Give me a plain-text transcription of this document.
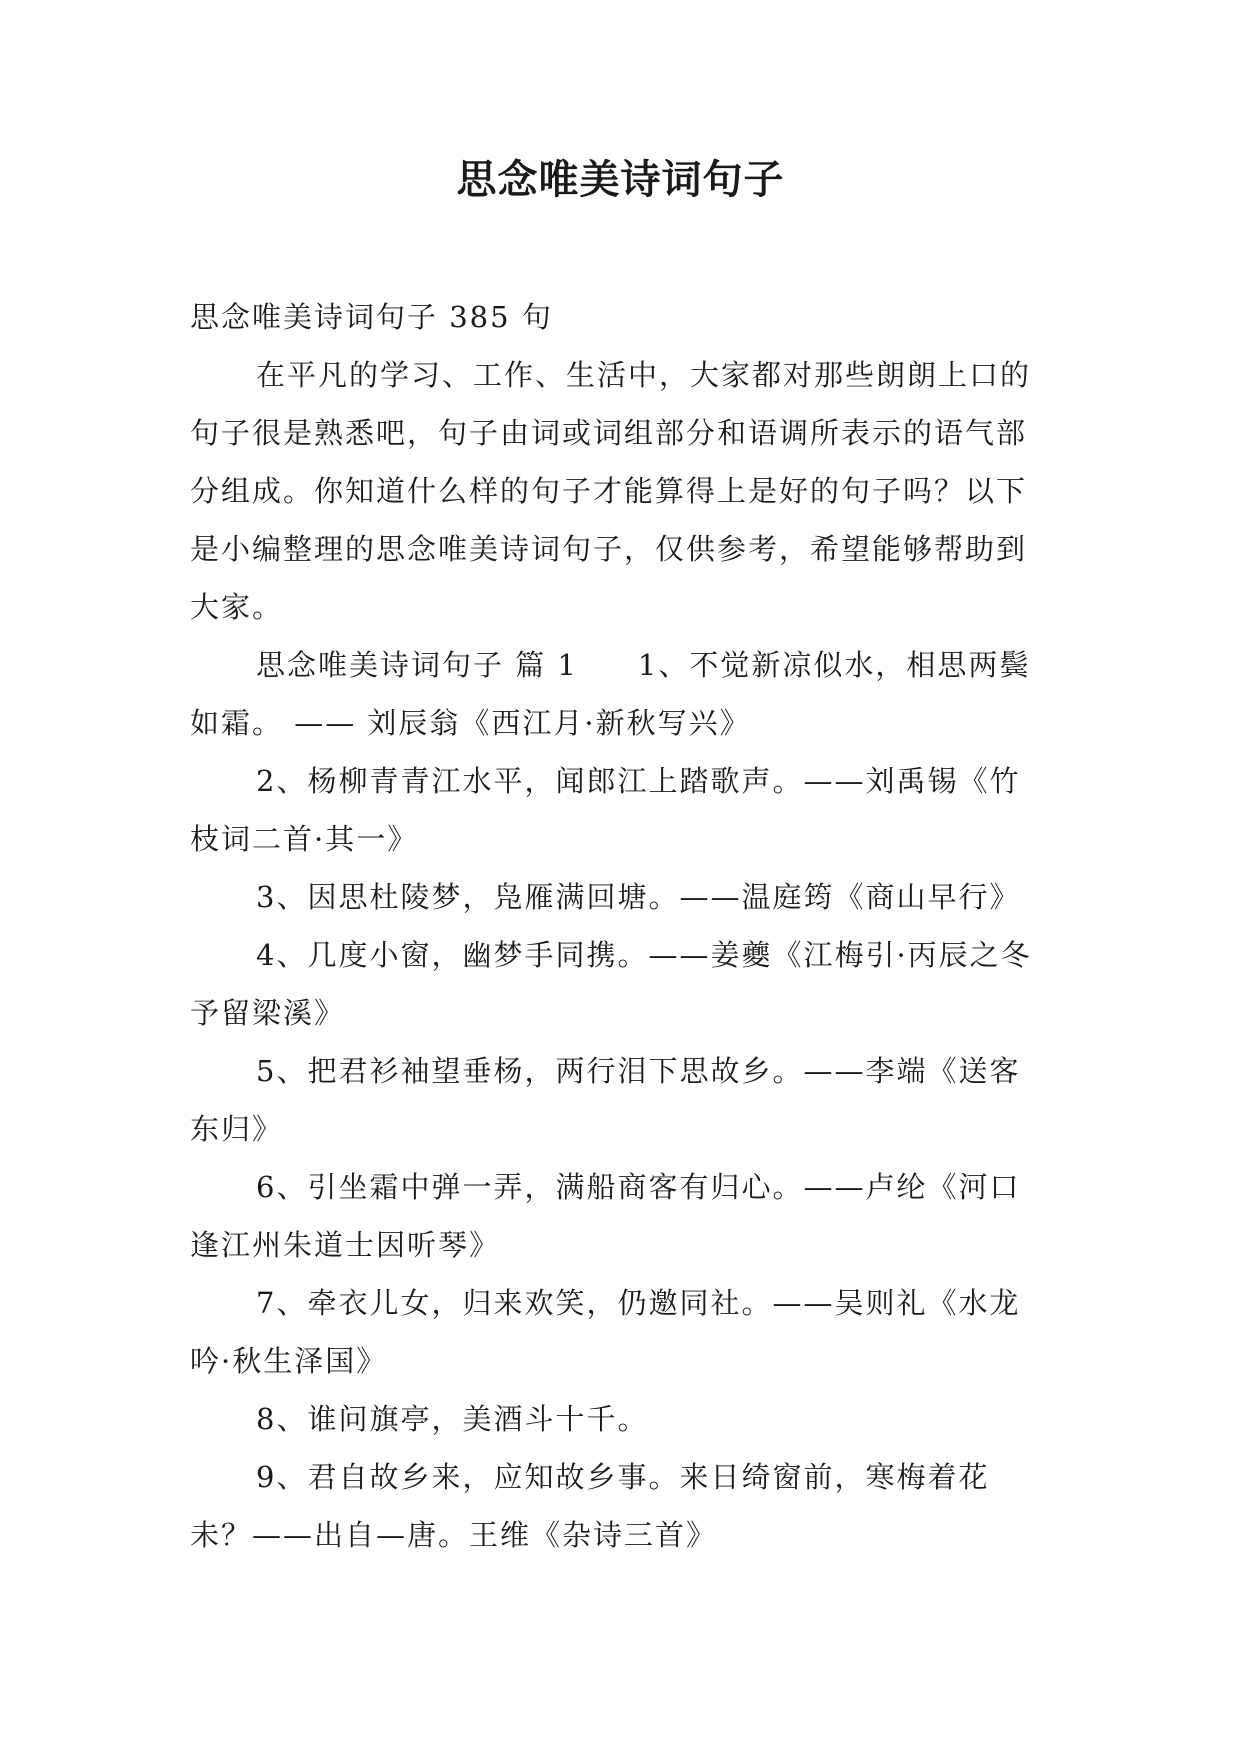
思念唯美诗词句子

思念唯美诗词句子 385 句

在平凡的学习、工作、生活中，大家都对那些朗朗上口的句子很是熟悉吧，句子由词或词组部分和语调所表示的语气部分组成。你知道什么样的句子才能算得上是好的句子吗？以下是小编整理的思念唯美诗词句子，仅供参考，希望能够帮助到大家。

思念唯美诗词句子 篇 1 1、不觉新凉似水，相思两鬓如霜。 —— 刘辰翁《西江月·新秋写兴》

2、杨柳青青江水平，闻郎江上踏歌声。——刘禹锡《竹枝词二首·其一》

3、因思杜陵梦，凫雁满回塘。——温庭筠《商山早行》

4、几度小窗，幽梦手同携。——姜夔《江梅引·丙辰之冬予留梁溪》

5、把君衫袖望垂杨，两行泪下思故乡。——李端《送客东归》

6、引坐霜中弹一弄，满船商客有归心。——卢纶《河口逢江州朱道士因听琴》

7、牵衣儿女，归来欢笑，仍邀同社。——吴则礼《水龙吟·秋生泽国》

8、谁问旗亭，美酒斗十千。

9、君自故乡来，应知故乡事。来日绮窗前，寒梅着花未？——出自—唐。王维《杂诗三首》
